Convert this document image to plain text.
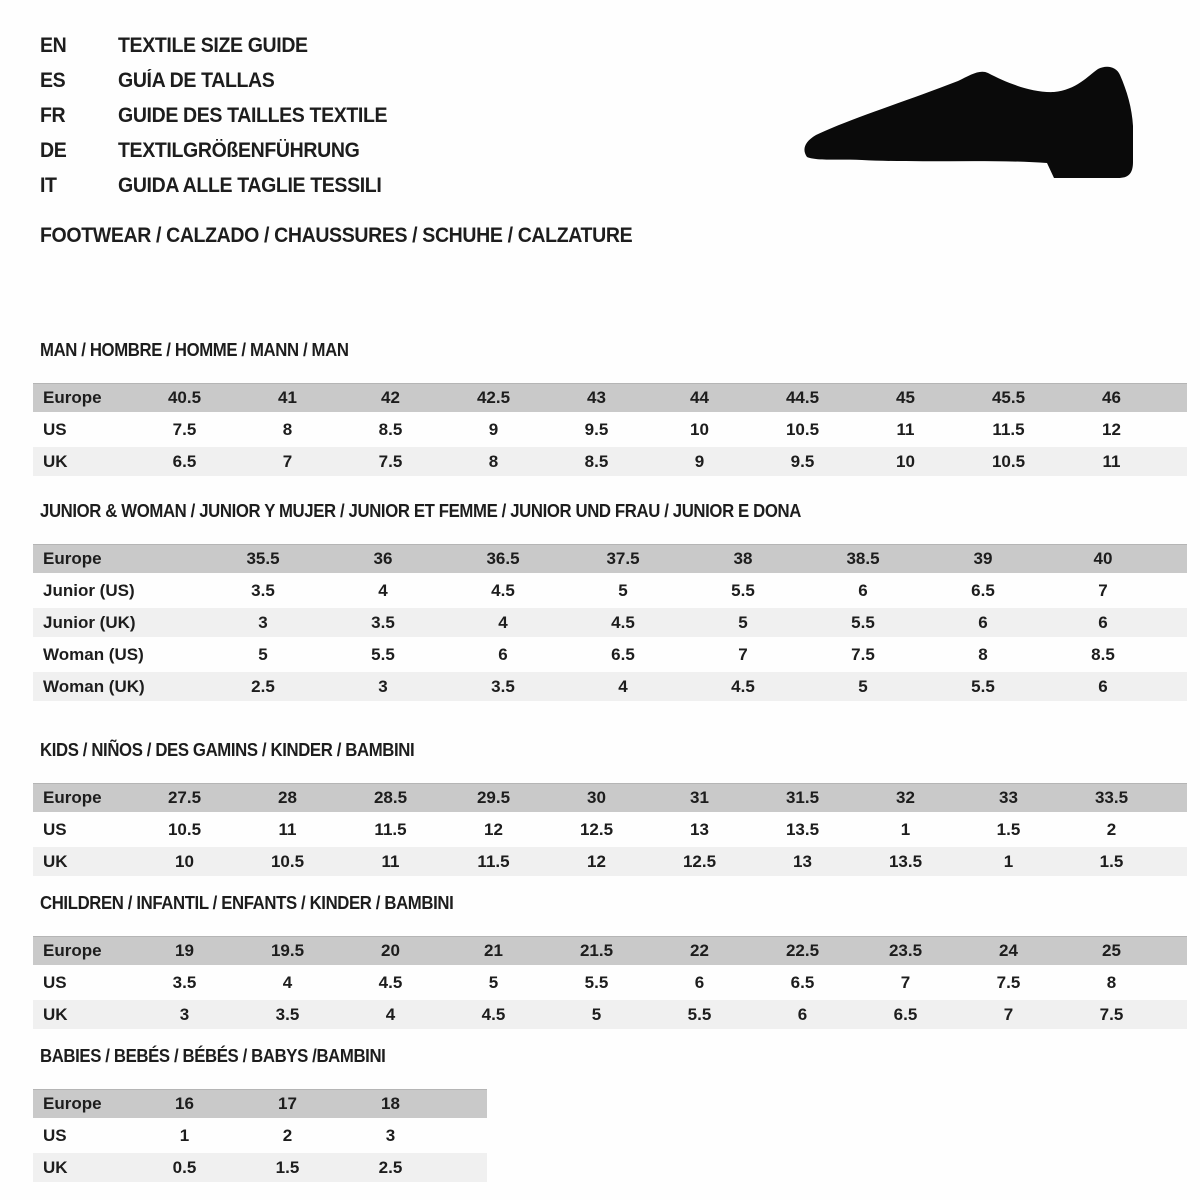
EN	TEXTILE SIZE GUIDE
ES	GUÍA DE TALLAS
FR	GUIDE DES TAILLES TEXTILE
DE	TEXTILGRÖßENFÜHRUNG
IT	GUIDA ALLE TAGLIE TESSILI
FOOTWEAR / CALZADO / CHAUSSURES / SCHUHE / CALZATURE
MAN / HOMBRE / HOMME / MANN / MAN
Europe	40.5	41	42	42.5	43	44	44.5	45	45.5	46	
US	7.5	8	8.5	9	9.5	10	10.5	11	11.5	12	
UK	6.5	7	7.5	8	8.5	9	9.5	10	10.5	11	
JUNIOR & WOMAN / JUNIOR Y MUJER / JUNIOR ET FEMME / JUNIOR UND FRAU / JUNIOR E DONA
Europe	35.5	36	36.5	37.5	38	38.5	39	40	
Junior (US)	3.5	4	4.5	5	5.5	6	6.5	7	
Junior (UK)	3	3.5	4	4.5	5	5.5	6	6	
Woman (US)	5	5.5	6	6.5	7	7.5	8	8.5	
Woman (UK)	2.5	3	3.5	4	4.5	5	5.5	6	
KIDS / NIÑOS / DES GAMINS / KINDER / BAMBINI
Europe	27.5	28	28.5	29.5	30	31	31.5	32	33	33.5	
US	10.5	11	11.5	12	12.5	13	13.5	1	1.5	2	
UK	10	10.5	11	11.5	12	12.5	13	13.5	1	1.5	
CHILDREN / INFANTIL / ENFANTS / KINDER / BAMBINI
Europe	19	19.5	20	21	21.5	22	22.5	23.5	24	25	
US	3.5	4	4.5	5	5.5	6	6.5	7	7.5	8	
UK	3	3.5	4	4.5	5	5.5	6	6.5	7	7.5	
BABIES / BEBÉS / BÉBÉS / BABYS /BAMBINI
Europe	16	17	18	
US	1	2	3	
UK	0.5	1.5	2.5	
